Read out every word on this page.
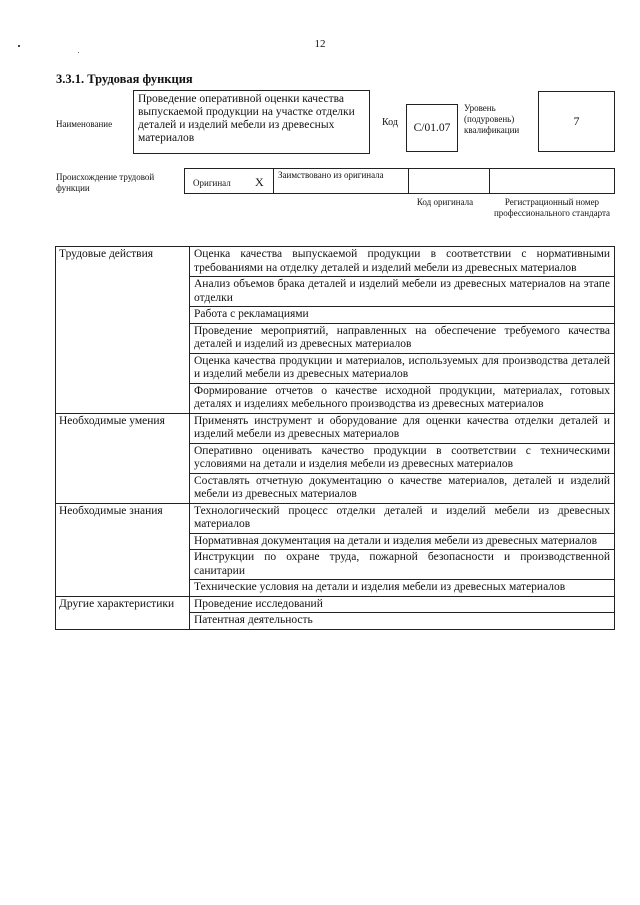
12
3.3.1. Трудовая функция
Наименование
Проведение оперативной оценки качества выпускаемой продукции на участке отделки деталей и изделий мебели из древесных материалов
Код	C/01.07
Уровень (подуровень) квалификации
7
Происхождение трудовой функции	Оригинал X Заимствовано из оригинала
Код оригинала	Регистрационный номер профессионального стандарта
Трудовые действия	Оценка качества выпускаемой продукции в соответствии с нормативными требованиями на отделку деталей и изделий мебели из древесных материалов
	Анализ объемов брака деталей и изделий мебели из древесных материалов на этапе отделки
	Работа с рекламациями
	Проведение мероприятий, направленных на обеспечение требуемого качества деталей и изделий из древесных материалов
	Оценка качества продукции и материалов, используемых для производства деталей и изделий мебели из древесных материалов
	Формирование отчетов о качестве исходной продукции, материалах, готовых деталях и изделиях мебельного производства из древесных материалов
Необходимые умения	Применять инструмент и оборудование для оценки качества отделки деталей и изделий мебели из древесных материалов
	Оперативно оценивать качество продукции в соответствии с техническими условиями на детали и изделия мебели из древесных материалов
	Составлять отчетную документацию о качестве материалов, деталей и изделий мебели из древесных материалов
Необходимые знания	Технологический процесс отделки деталей и изделий мебели из древесных материалов
	Нормативная документация на детали и изделия мебели из древесных материалов
	Инструкции по охране труда, пожарной безопасности и производственной санитарии
	Технические условия на детали и изделия мебели из древесных материалов
Другие характеристики	Проведение исследований
	Патентная деятельность
